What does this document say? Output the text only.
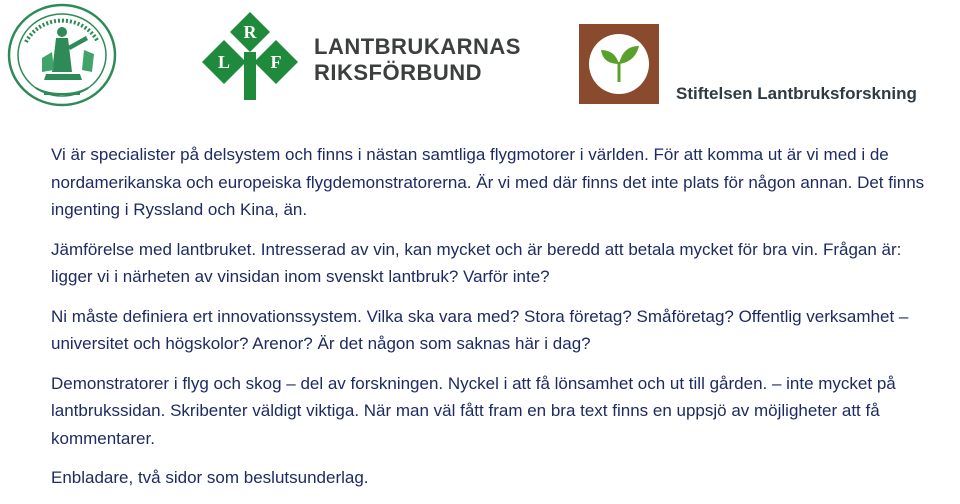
R
L F
LANTBRUKARNAS
RIKSFÖRBUND
Stiftelsen Lantbruksforskning

Vi är specialister på delsystem och finns i nästan samtliga flygmotorer i världen. För att komma ut är vi med i de nordamerikanska och europeiska flygdemonstratorerna. Är vi med där finns det inte plats för någon annan. Det finns ingenting i Ryssland och Kina, än.

Jämförelse med lantbruket. Intresserad av vin, kan mycket och är beredd att betala mycket för bra vin. Frågan är: ligger vi i närheten av vinsidan inom svenskt lantbruk? Varför inte?

Ni måste definiera ert innovationssystem. Vilka ska vara med? Stora företag? Småföretag? Offentlig verksamhet – universitet och högskolor? Arenor? Är det någon som saknas här i dag?

Demonstratorer i flyg och skog – del av forskningen. Nyckel i att få lönsamhet och ut till gården. – inte mycket på lantbrukssidan. Skribenter väldigt viktiga. När man väl fått fram en bra text finns en uppsjö av möjligheter att få kommentarer.

Enbladare, två sidor som beslutsunderlag.
